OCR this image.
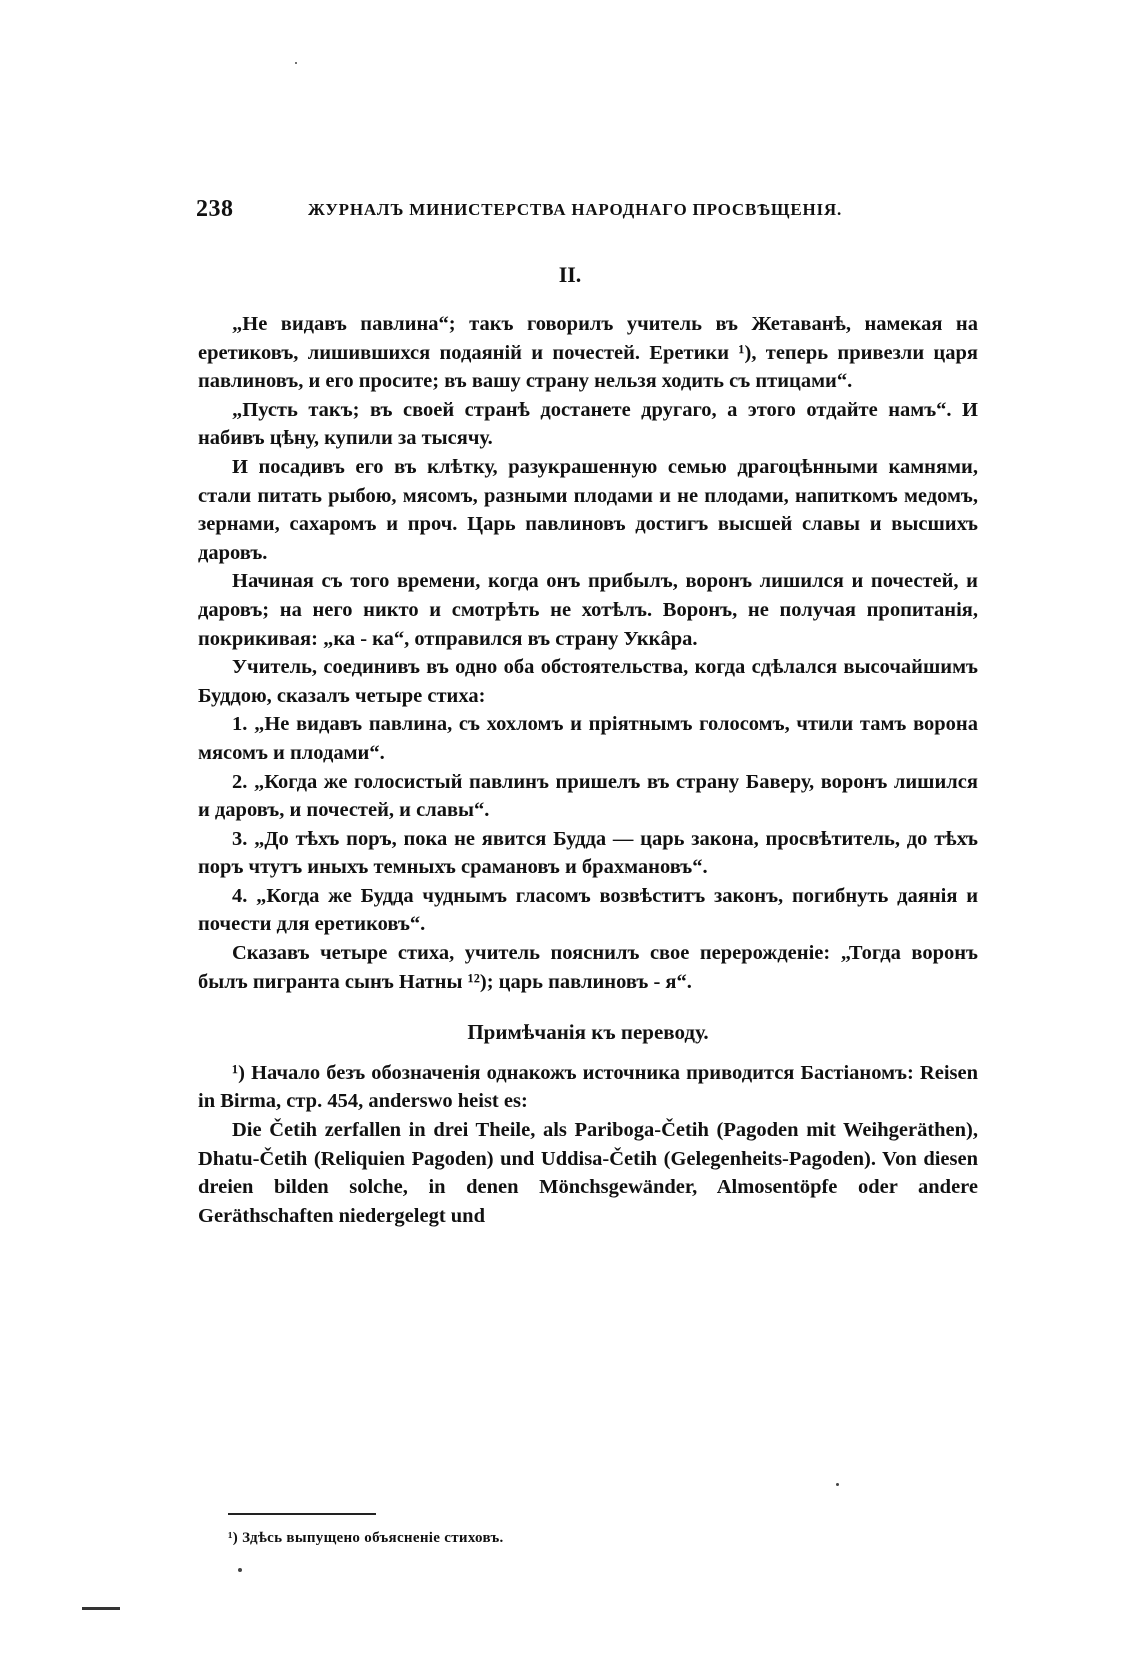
238	ЖУРНАЛЪ МИНИСТЕРСТВА НАРОДНАГО ПРОСВѢЩЕНІЯ.
II.

„Не видавъ павлина“; такъ говорилъ учитель въ Жетаванѣ, намекая на еретиковъ, лишившихся подаяній и почестей. Еретики ¹), теперь привезли царя павлиновъ, и его просите; въ вашу страну нельзя ходить съ птицами“.

„Пусть такъ; въ своей странѣ достанете другаго, а этого отдайте намъ“. И набивъ цѣну, купили за тысячу.

И посадивъ его въ клѣтку, разукрашенную семью драгоцѣнными камнями, стали питать рыбою, мясомъ, разными плодами и не плодами, напиткомъ медомъ, зернами, сахаромъ и проч. Царь павлиновъ достигъ высшей славы и высшихъ даровъ.

Начиная съ того времени, когда онъ прибылъ, воронъ лишился и почестей, и даровъ; на него никто и смотрѣть не хотѣлъ. Воронъ, не получая пропитанія, покрикивая: „ка - ка“, отправился въ страну Уккâра.

Учитель, соединивъ въ одно оба обстоятельства, когда сдѣлался высочайшимъ Буддою, сказалъ четыре стиха:

1. „Не видавъ павлина, съ хохломъ и пріятнымъ голосомъ, чтили тамъ ворона мясомъ и плодами“.

2. „Когда же голосистый павлинъ пришелъ въ страну Баверу, воронъ лишился и даровъ, и почестей, и славы“.

3. „До тѣхъ поръ, пока не явится Будда — царь закона, просвѣтитель, до тѣхъ поръ чтутъ иныхъ темныхъ срамановъ и брахмановъ“.

4. „Когда же Будда чуднымъ гласомъ возвѣститъ законъ, погибнуть даянія и почести для еретиковъ“.

Сказавъ четыре стиха, учитель пояснилъ свое перерожденіе: „Тогда воронъ былъ пигранта сынъ Натны ¹²); царь павлиновъ - я“.

Примѣчанія къ переводу.

¹) Начало безъ обозначенія однакожъ источника приводится Бастіаномъ: Reisen in Birma, стр. 454, anderswo heist es:

Die Četih zerfallen in drei Theile, als Pariboga-Četih (Pagoden mit Weihgeräthen), Dhatu-Četih (Reliquien Pagoden) und Uddisa-Četih (Gelegenheits-Pagoden). Von diesen dreien bilden solche, in denen Mönchsgewänder, Almosentöpfe oder andere Geräthschaften niedergelegt und

¹) Здѣсь выпущено объясненіе стиховъ.
